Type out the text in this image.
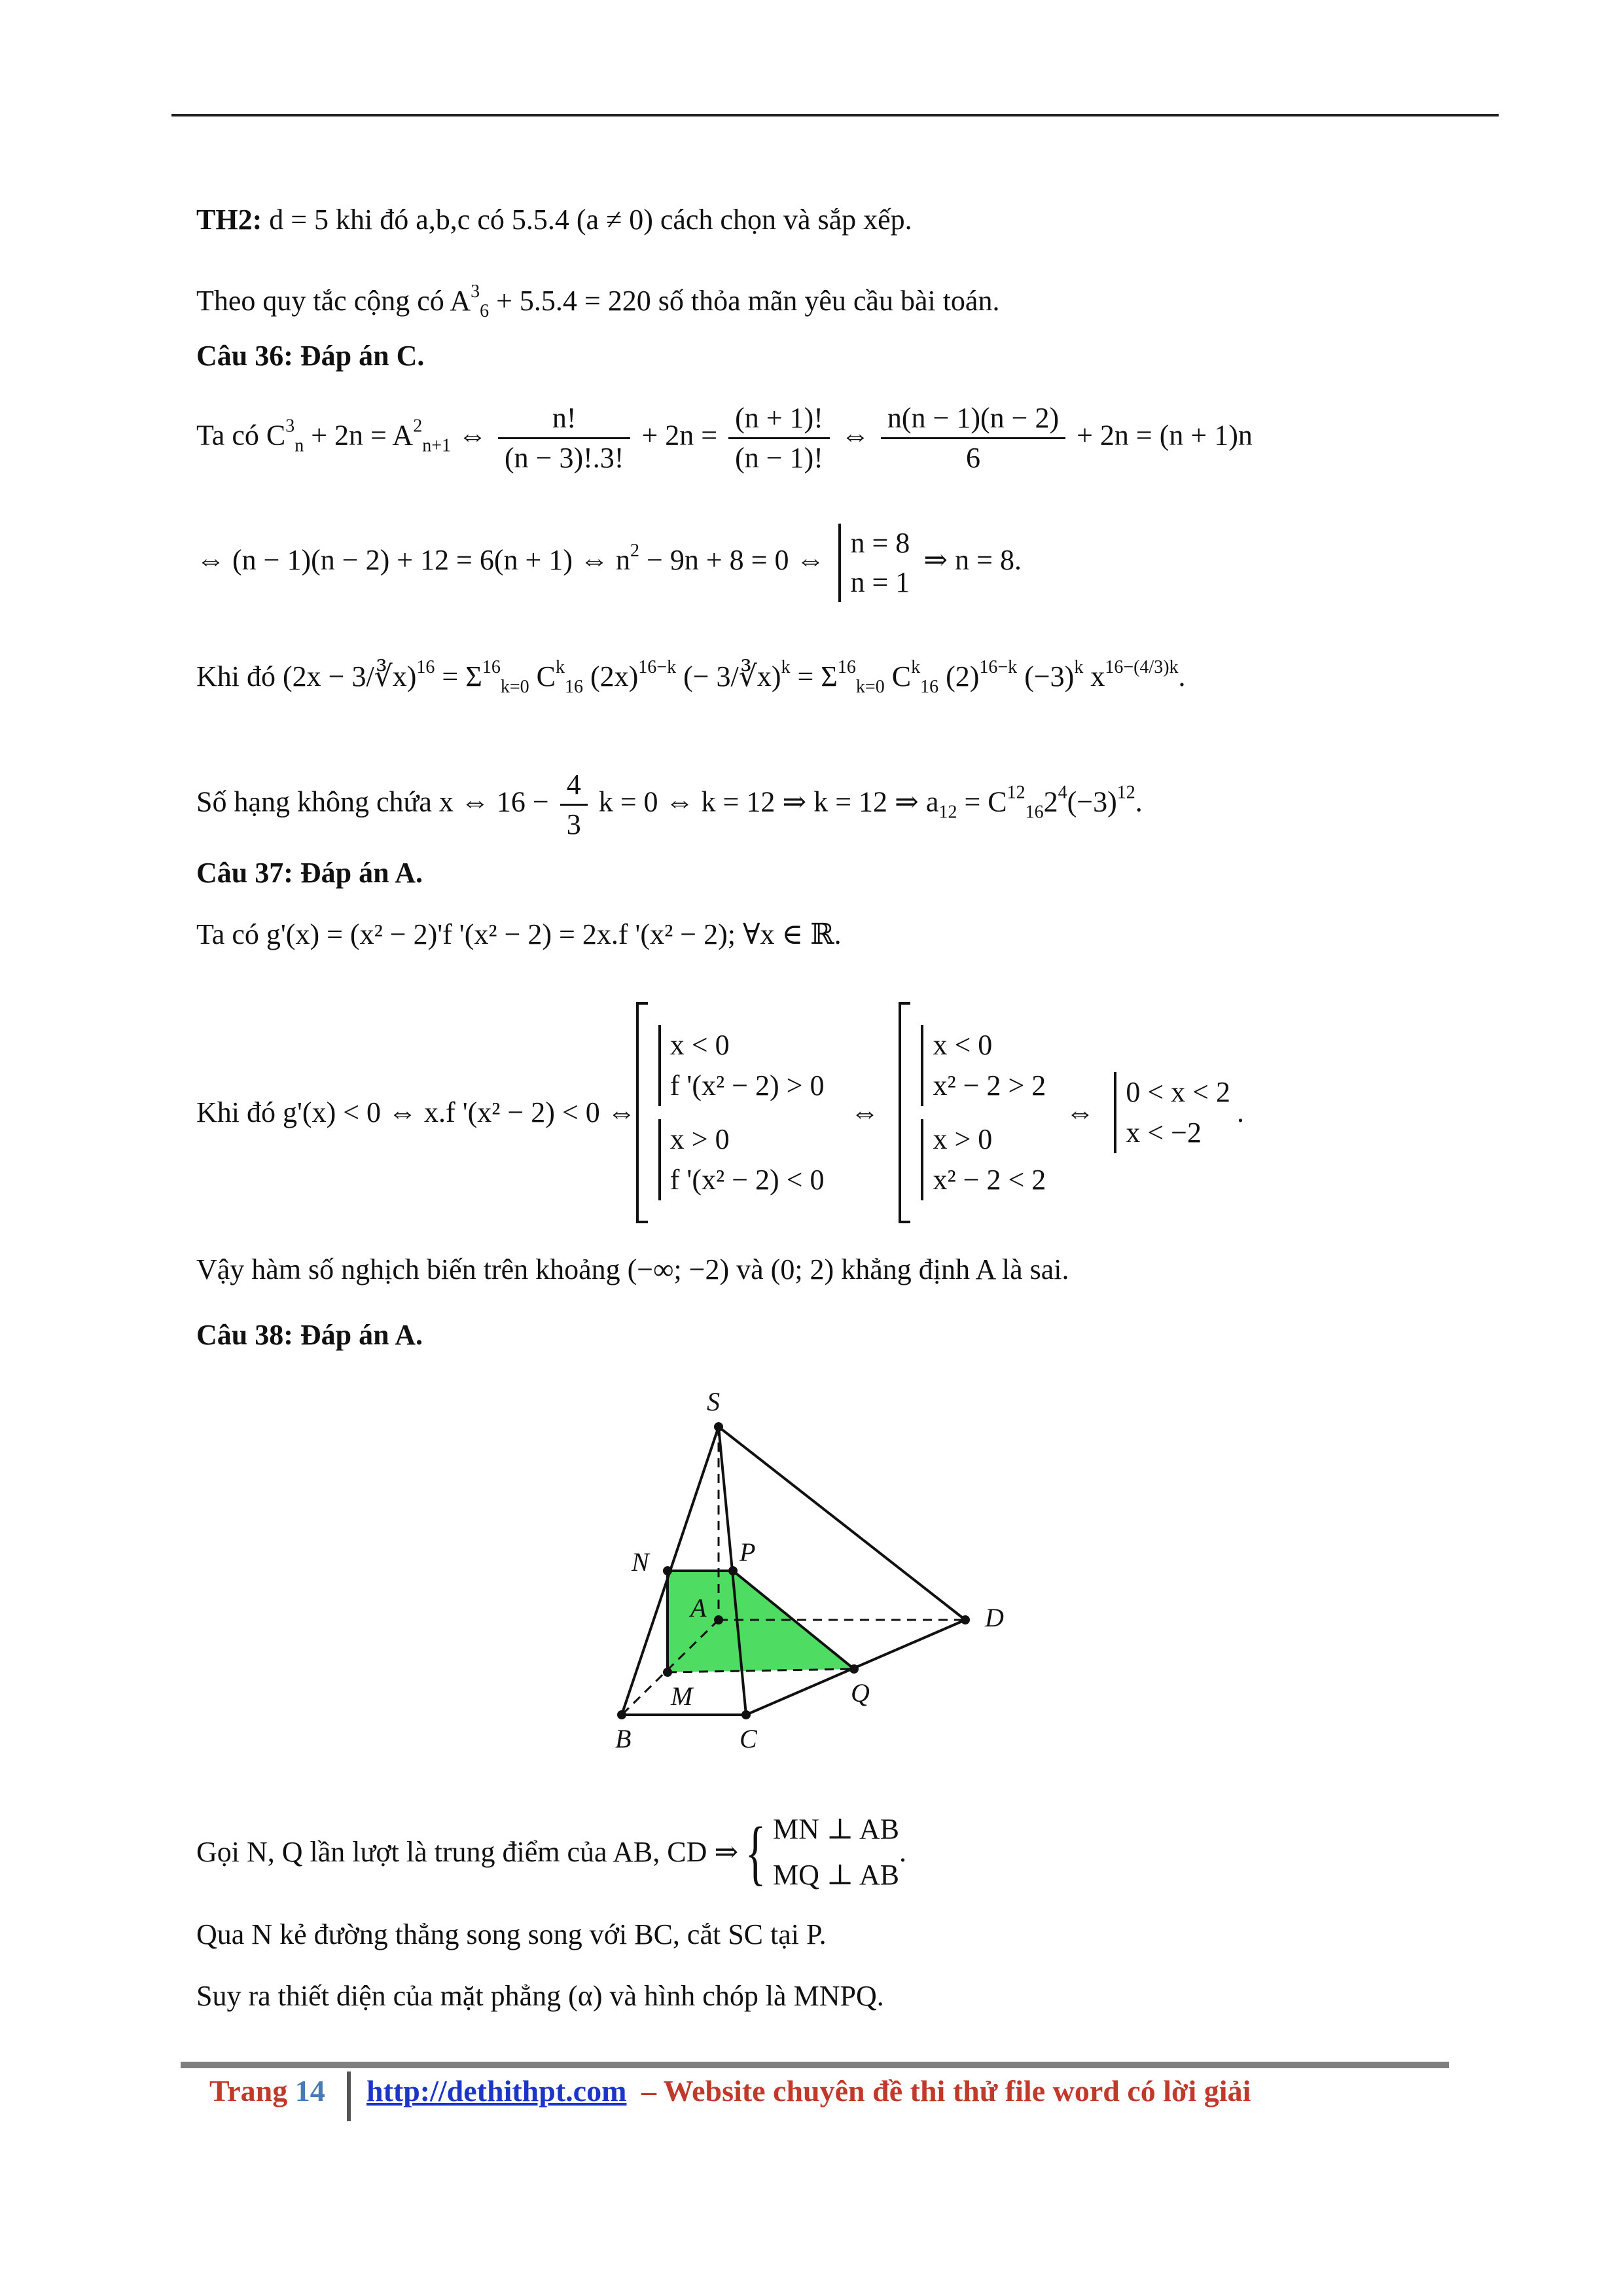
TH2: d = 5 khi đó a,b,c có 5.5.4 (a ≠ 0) cách chọn và sắp xếp.
Theo quy tắc cộng có $A^3_6 + 5.5.4 = 220$ số thỏa mãn yêu cầu bài toán.
Câu 36: Đáp án C.
Ta có $C^3_n + 2n = A^2_{n+1}$ ⇔ $\frac{n!}{(n - 3)!.3!} + 2n = \frac{(n + 1)!}{(n - 1)!}$ ⇔ $\frac{n(n - 1)(n - 2)}{6} + 2n = (n + 1)n$
⇔ (n − 1)(n − 2) + 12 = 6(n + 1) ⇔ $n^2 - 9n + 8 = 0$ ⇔
n = 8
n = 1
⇒ n = 8.
Khi đó (2x − 3/∛x)$^{16}$ = $\Sigma^{16}_{k=0}$ $C^k_{16}$ $(2x)^{16-k}$ (− 3/∛x)$^k$ = $\Sigma^{16}_{k=0}$ $C^k_{16}$ $(2)^{16-k}$ $(-3)^k$ $x^{16-(4/3)k}$.
Số hạng không chứa x ⇔ $16 - \frac{4}{3}$ k = 0 ⇔ k = 12 ⇒ k = 12 ⇒ $a_{12} = C^{12}_{16}2^4(-3)^{12}$.
Câu 37: Đáp án A.
Ta có g'(x) = (x² − 2)'f '(x² − 2) = 2x.f '(x² − 2); ∀x ∈ ℝ.
Khi đó g'(x) < 0 ⇔ x.f '(x² − 2) < 0 ⇔
x < 0
f '(x² − 2) > 0
x > 0
f '(x² − 2) < 0
⇔
x < 0
x² − 2 > 2
x > 0
x² − 2 < 2
⇔
0 < x < 2
x < −2
.
Vậy hàm số nghịch biến trên khoảng (−∞; −2) và (0; 2) khẳng định A là sai.
Câu 38: Đáp án A.
Gọi N, Q lần lượt là trung điểm của AB, CD ⇒ { MN ⊥ AB
MQ ⊥ AB
.
Qua N kẻ đường thẳng song song với BC, cắt SC tại P.
Suy ra thiết diện của mặt phẳng (α) và hình chóp là MNPQ.
S
N	P
A	D
M	Q
B	C
Trang 14 http://dethithpt.com – Website chuyên đề thi thử file word có lời giải
